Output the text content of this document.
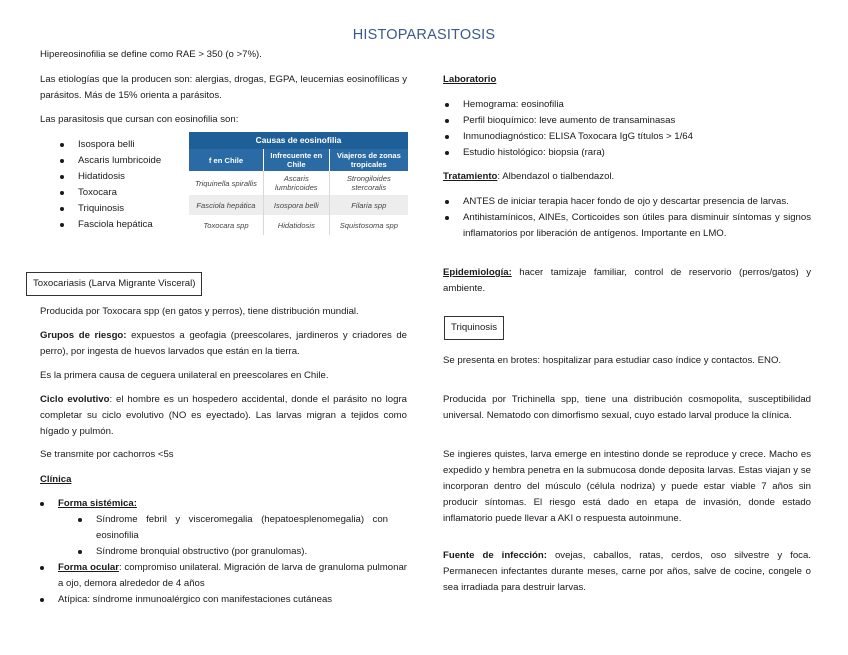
HISTOPARASITOSIS

Hipereosinofilia se define como RAE > 350 (o >7%).

Las etiologías que la producen son: alergias, drogas, EGPA, leucemias eosinofílicas y parásitos. Más de 15% orienta a parásitos.

Las parasitosis que cursan con eosinofilia son:

Isospora belli
Ascaris lumbricoide
Hidatidosis
Toxocara
Triquinosis
Fasciola hepática
Causas de eosinofilia		
f en Chile	Infrecuente en Chile	Viajeros de zonas tropicales
Triquinella spirallis	Ascaris lumbricoides	Strongiloides stercoralis
Fasciola hepática	Isospora belli	Filaria spp
Toxocara spp	Hidatidosis	Squistosoma spp
Toxocariasis (Larva Migrante Visceral)

Producida por Toxocara spp (en gatos y perros), tiene distribución mundial.

Grupos de riesgo: expuestos a geofagia (preescolares, jardineros y criadores de perro), por ingesta de huevos larvados que están en la tierra.

Es la primera causa de ceguera unilateral en preescolares en Chile.

Ciclo evolutivo: el hombre es un hospedero accidental, donde el parásito no logra completar su ciclo evolutivo (NO es eyectado). Las larvas migran a tejidos como hígado y pulmón.

Se transmite por cachorros <5s

Clínica

Forma sistémica:
Síndrome febril y visceromegalia (hepatoesplenomegalia) con eosinofilia
Síndrome bronquial obstructivo (por granulomas).
Forma ocular: compromiso unilateral. Migración de larva de granuloma pulmonar a ojo, demora alrededor de 4 años
Atípica: síndrome inmunoalérgico con manifestaciones cutáneas

Laboratorio

Hemograma: eosinofilia
Perfil bioquímico: leve aumento de transaminasas
Inmunodiagnóstico: ELISA Toxocara IgG títulos > 1/64
Estudio histológico: biopsia (rara)

Tratamiento: Albendazol o tialbendazol.

ANTES de iniciar terapia hacer fondo de ojo y descartar presencia de larvas.
Antihistamínicos, AINEs, Corticoides son útiles para disminuir síntomas y signos inflamatorios por liberación de antígenos. Importante en LMO.

Epidemiología: hacer tamizaje familiar, control de reservorio (perros/gatos) y ambiente.

Triquinosis

Se presenta en brotes: hospitalizar para estudiar caso índice y contactos. ENO.

Producida por Trichinella spp, tiene una distribución cosmopolita, susceptibilidad universal. Nematodo con dimorfismo sexual, cuyo estado larval produce la clínica.

Se ingieres quistes, larva emerge en intestino donde se reproduce y crece. Macho es expedido y hembra penetra en la submucosa donde deposita larvas. Estas viajan y se incorporan dentro del músculo (célula nodriza) y puede estar viable 7 años sin producir síntomas. El riesgo está dado en etapa de invasión, donde estado inflamatorio puede llevar a AKI o respuesta autoinmune.

Fuente de infección: ovejas, caballos, ratas, cerdos, oso silvestre y foca. Permanecen infectantes durante meses, carne por años, salve de cocine, congele o sea irradiada para destruir larvas.
